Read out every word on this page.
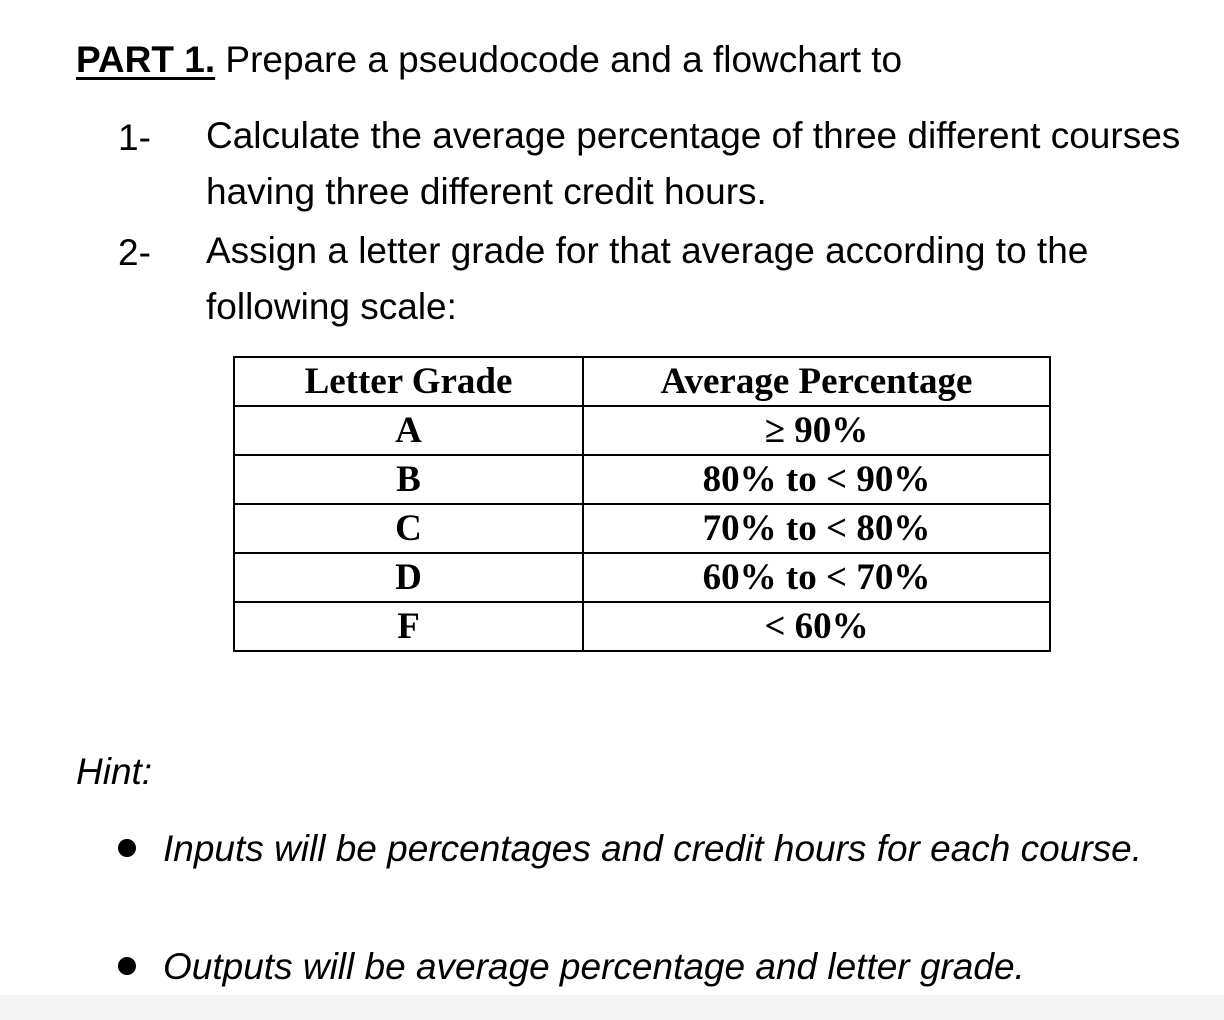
PART 1. Prepare a pseudocode and a flowchart to
1- Calculate the average percentage of three different courses having three different credit hours.
2- Assign a letter grade for that average according to the following scale:
Letter Grade	Average Percentage
A	≥ 90%
B	80% to < 90%
C	70% to < 80%
D	60% to < 70%
F	< 60%
Hint:
Inputs will be percentages and credit hours for each course.
Outputs will be average percentage and letter grade.
